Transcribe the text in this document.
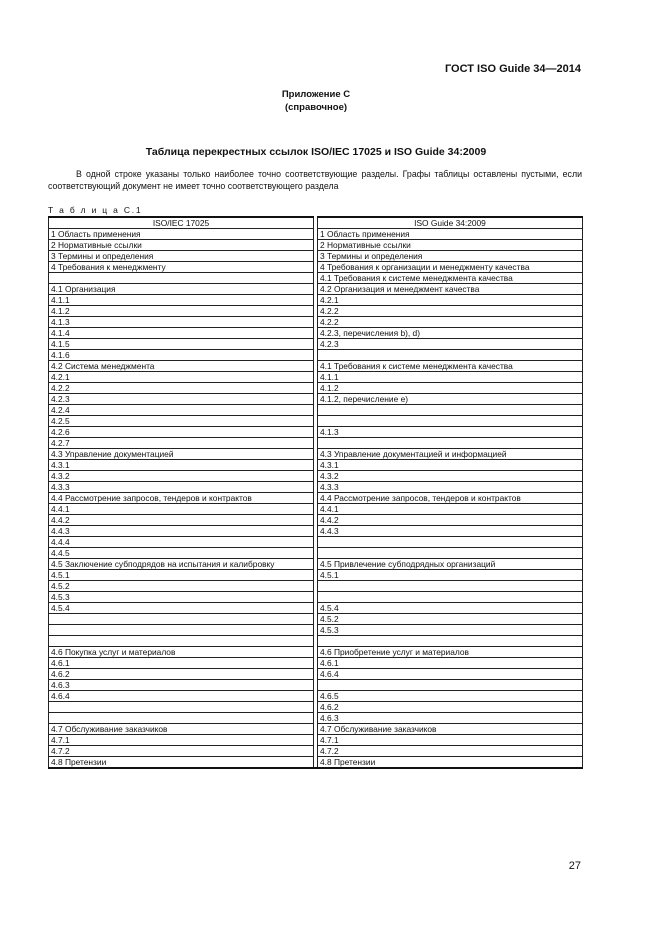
ГОСТ ISO Guide 34—2014
Приложение С
(справочное)
Таблица перекрестных ссылок ISO/IEC 17025 и ISO Guide 34:2009

В одной строке указаны только наиболее точно соответствующие разделы. Графы таблицы оставлены пустыми, если соответствующий документ не имеет точно соответствующего раздела

Т а б л и ц а С.1
ISO/IEC 17025		ISO Guide 34:2009
1 Область применения		1 Область применения
2 Нормативные ссылки		2 Нормативные ссылки
3 Термины и определения		3 Термины и определения
4 Требования к менеджменту		4 Требования к организации и менеджменту качества
		4.1 Требования к системе менеджмента качества
4.1 Организация		4.2 Организация и менеджмент качества
4.1.1		4.2.1
4.1.2		4.2.2
4.1.3		4.2.2
4.1.4		4.2.3, перечисления b), d)
4.1.5		4.2.3
4.1.6		
4.2 Система менеджмента		4.1 Требования к системе менеджмента качества
4.2.1		4.1.1
4.2.2		4.1.2
4.2.3		4.1.2, перечисление е)
4.2.4		
4.2.5		
4.2.6		4.1.3
4.2.7		
4.3 Управление документацией		4.3 Управление документацией и информацией
4.3.1		4.3.1
4.3.2		4.3.2
4.3.3		4.3.3
4.4 Рассмотрение запросов, тендеров и контрактов		4.4 Рассмотрение запросов, тендеров и контрактов
4.4.1		4.4.1
4.4.2		4.4.2
4.4.3		4.4.3
4.4.4		
4.4.5		
4.5 Заключение субподрядов на испытания и калибровку		4.5 Привлечение субподрядных организаций
4.5.1		4.5.1
4.5.2		
4.5.3		
4.5.4		4.5.4
		4.5.2
		4.5.3

4.6 Покупка услуг и материалов		4.6 Приобретение услуг и материалов
4.6.1		4.6.1
4.6.2		4.6.4
4.6.3		
4.6.4		4.6.5
		4.6.2
		4.6.3
4.7 Обслуживание заказчиков		4.7 Обслуживание заказчиков
4.7.1		4.7.1
4.7.2		4.7.2
4.8 Претензии		4.8 Претензии
27
